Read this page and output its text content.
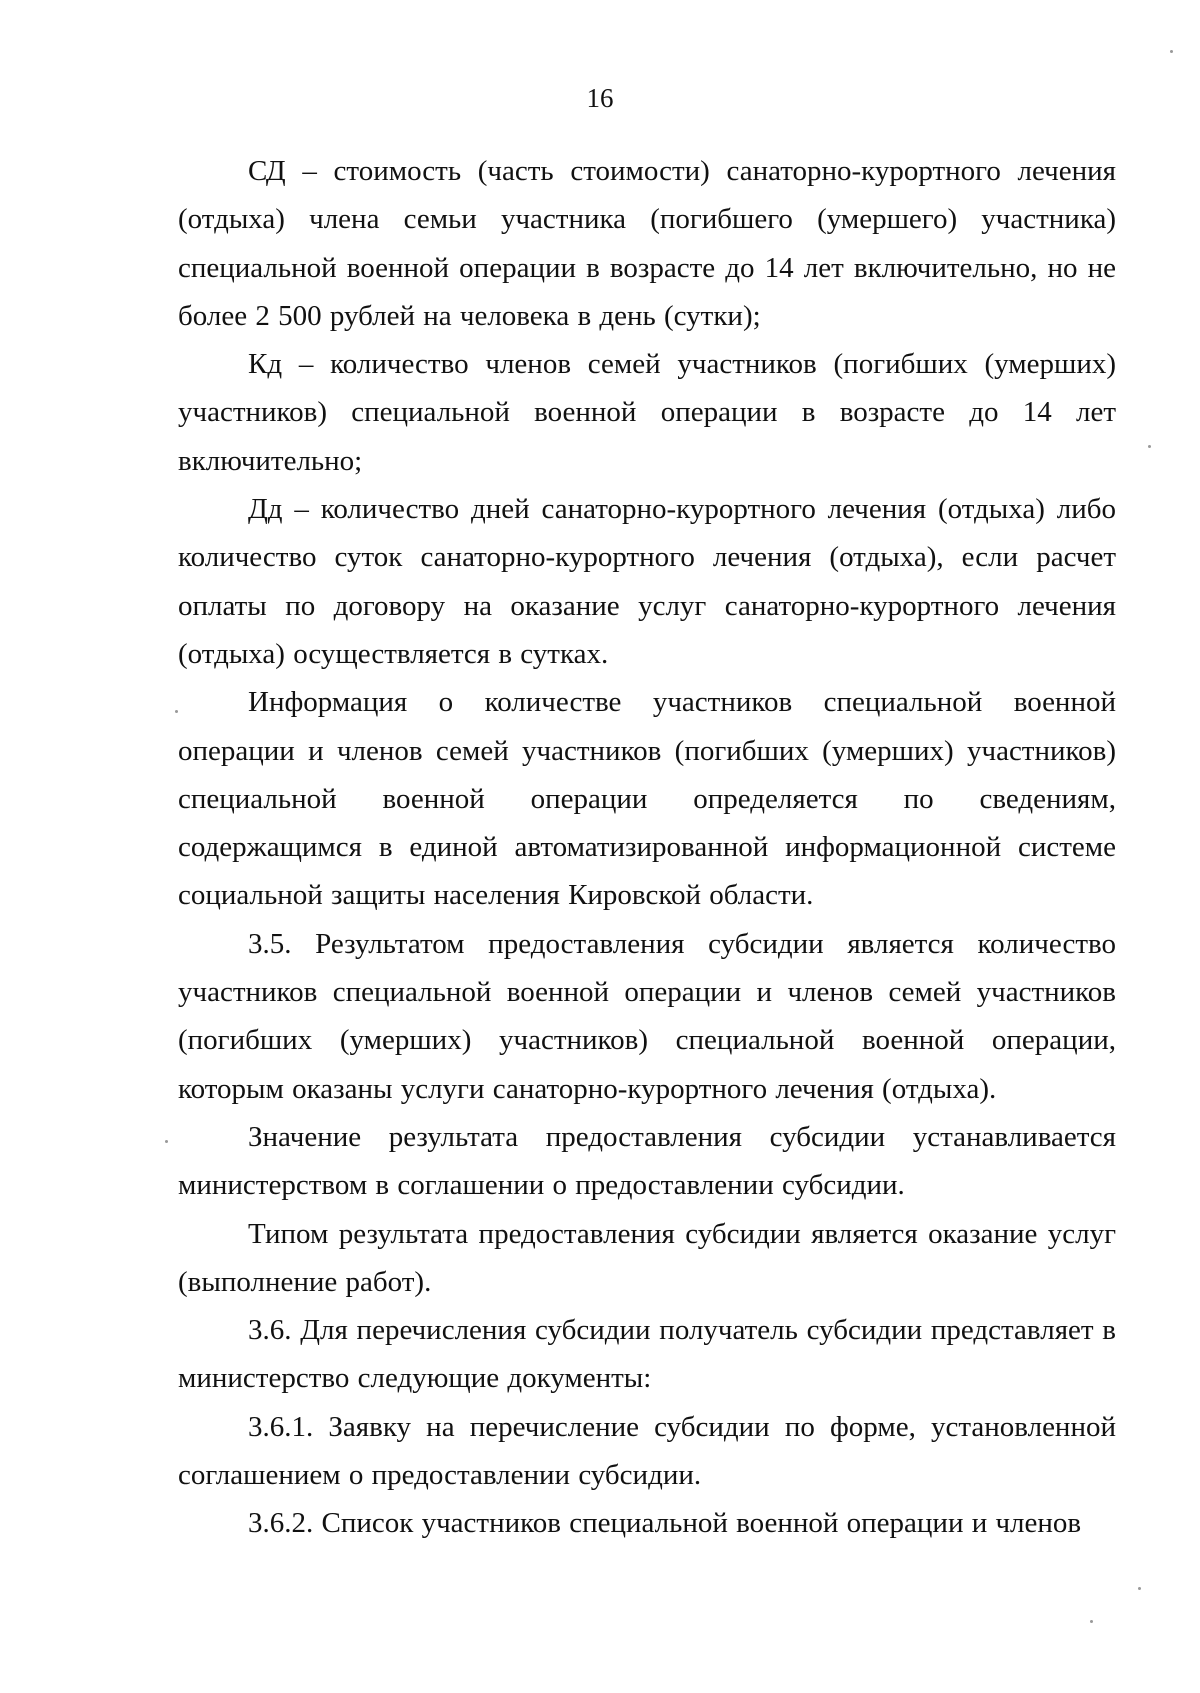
16

СД – стоимость (часть стоимости) санаторно-курортного лечения (отдыха) члена семьи участника (погибшего (умершего) участника) специальной военной операции в возрасте до 14 лет включительно, но не более 2 500 рублей на человека в день (сутки);

Кд – количество членов семей участников (погибших (умерших) участников) специальной военной операции в возрасте до 14 лет включительно;

Дд – количество дней санаторно-курортного лечения (отдыха) либо количество суток санаторно-курортного лечения (отдыха), если расчет оплаты по договору на оказание услуг санаторно-курортного лечения (отдыха) осуществляется в сутках.

Информация о количестве участников специальной военной операции и членов семей участников (погибших (умерших) участников) специальной военной операции определяется по сведениям, содержащимся в единой автоматизированной информационной системе социальной защиты населения Кировской области.

3.5. Результатом предоставления субсидии является количество участников специальной военной операции и членов семей участников (погибших (умерших) участников) специальной военной операции, которым оказаны услуги санаторно-курортного лечения (отдыха).

Значение результата предоставления субсидии устанавливается министерством в соглашении о предоставлении субсидии.

Типом результата предоставления субсидии является оказание услуг (выполнение работ).

3.6. Для перечисления субсидии получатель субсидии представляет в министерство следующие документы:

3.6.1. Заявку на перечисление субсидии по форме, установленной соглашением о предоставлении субсидии.

3.6.2. Список участников специальной военной операции и членов
